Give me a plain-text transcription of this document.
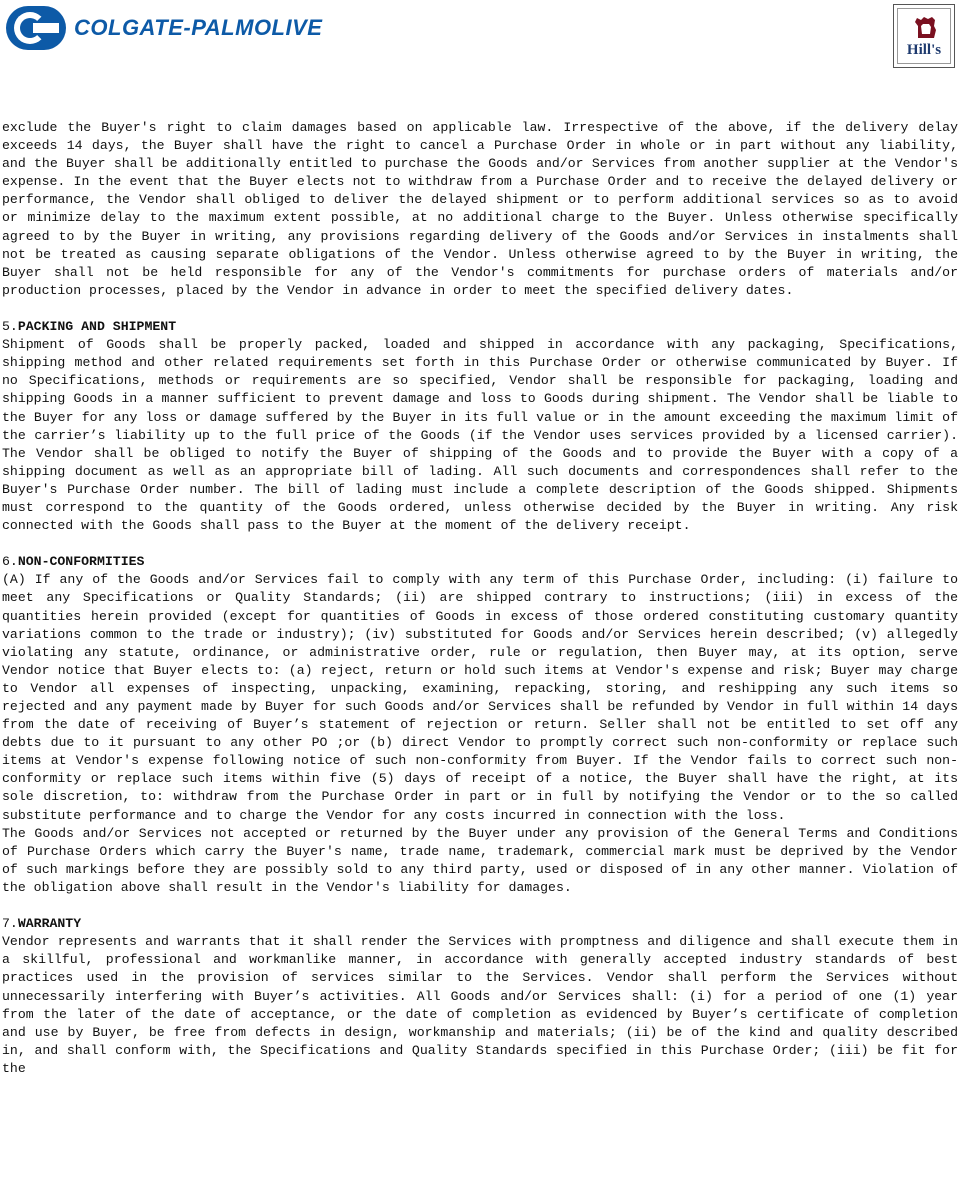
COLGATE-PALMOLIVE
Hill's

exclude the Buyer's right to claim damages based on applicable law. Irrespective of the above, if the delivery delay exceeds 14 days, the Buyer shall have the right to cancel a Purchase Order in whole or in part without any liability, and the Buyer shall be additionally entitled to purchase the Goods and/or Services from another supplier at the Vendor's expense. In the event that the Buyer elects not to withdraw from a Purchase Order and to receive the delayed delivery or performance, the Vendor shall obliged to deliver the delayed shipment or to perform additional services so as to avoid or minimize delay to the maximum extent possible, at no additional charge to the Buyer. Unless otherwise specifically agreed to by the Buyer in writing, any provisions regarding delivery of the Goods and/or Services in instalments shall not be treated as causing separate obligations of the Vendor. Unless otherwise agreed to by the Buyer in writing, the Buyer shall not be held responsible for any of the Vendor's commitments for purchase orders of materials and/or production processes, placed by the Vendor in advance in order to meet the specified delivery dates.

5.PACKING AND SHIPMENT

Shipment of Goods shall be properly packed, loaded and shipped in accordance with any packaging, Specifications, shipping method and other related requirements set forth in this Purchase Order or otherwise communicated by Buyer. If no Specifications, methods or requirements are so specified, Vendor shall be responsible for packaging, loading and shipping Goods in a manner sufficient to prevent damage and loss to Goods during shipment. The Vendor shall be liable to the Buyer for any loss or damage suffered by the Buyer in its full value or in the amount exceeding the maximum limit of the carrier’s liability up to the full price of the Goods (if the Vendor uses services provided by a licensed carrier). The Vendor shall be obliged to notify the Buyer of shipping of the Goods and to provide the Buyer with a copy of a shipping document as well as an appropriate bill of lading. All such documents and correspondences shall refer to the Buyer's Purchase Order number. The bill of lading must include a complete description of the Goods shipped. Shipments must correspond to the quantity of the Goods ordered, unless otherwise decided by the Buyer in writing. Any risk connected with the Goods shall pass to the Buyer at the moment of the delivery receipt.

6.NON-CONFORMITIES

(A) If any of the Goods and/or Services fail to comply with any term of this Purchase Order, including: (i) failure to meet any Specifications or Quality Standards; (ii) are shipped contrary to instructions; (iii) in excess of the quantities herein provided (except for quantities of Goods in excess of those ordered constituting customary quantity variations common to the trade or industry); (iv) substituted for Goods and/or Services herein described; (v) allegedly violating any statute, ordinance, or administrative order, rule or regulation, then Buyer may, at its option, serve Vendor notice that Buyer elects to: (a) reject, return or hold such items at Vendor's expense and risk; Buyer may charge to Vendor all expenses of inspecting, unpacking, examining, repacking, storing, and reshipping any such items so rejected and any payment made by Buyer for such Goods and/or Services shall be refunded by Vendor in full within 14 days from the date of receiving of Buyer’s statement of rejection or return. Seller shall not be entitled to set off any debts due to it pursuant to any other PO ;or (b) direct Vendor to promptly correct such non-conformity or replace such items at Vendor's expense following notice of such non-conformity from Buyer. If the Vendor fails to correct such non-conformity or replace such items within five (5) days of receipt of a notice, the Buyer shall have the right, at its sole discretion, to: withdraw from the Purchase Order in part or in full by notifying the Vendor or to the so called substitute performance and to charge the Vendor for any costs incurred in connection with the loss.

The Goods and/or Services not accepted or returned by the Buyer under any provision of the General Terms and Conditions of Purchase Orders which carry the Buyer's name, trade name, trademark, commercial mark must be deprived by the Vendor of such markings before they are possibly sold to any third party, used or disposed of in any other manner. Violation of the obligation above shall result in the Vendor's liability for damages.

7.WARRANTY

Vendor represents and warrants that it shall render the Services with promptness and diligence and shall execute them in a skillful, professional and workmanlike manner, in accordance with generally accepted industry standards of best practices used in the provision of services similar to the Services. Vendor shall perform the Services without unnecessarily interfering with Buyer’s activities. All Goods and/or Services shall: (i) for a period of one (1) year from the later of the date of acceptance, or the date of completion as evidenced by Buyer’s certificate of completion and use by Buyer, be free from defects in design, workmanship and materials; (ii) be of the kind and quality described in, and shall conform with, the Specifications and Quality Standards specified in this Purchase Order; (iii) be fit for the
